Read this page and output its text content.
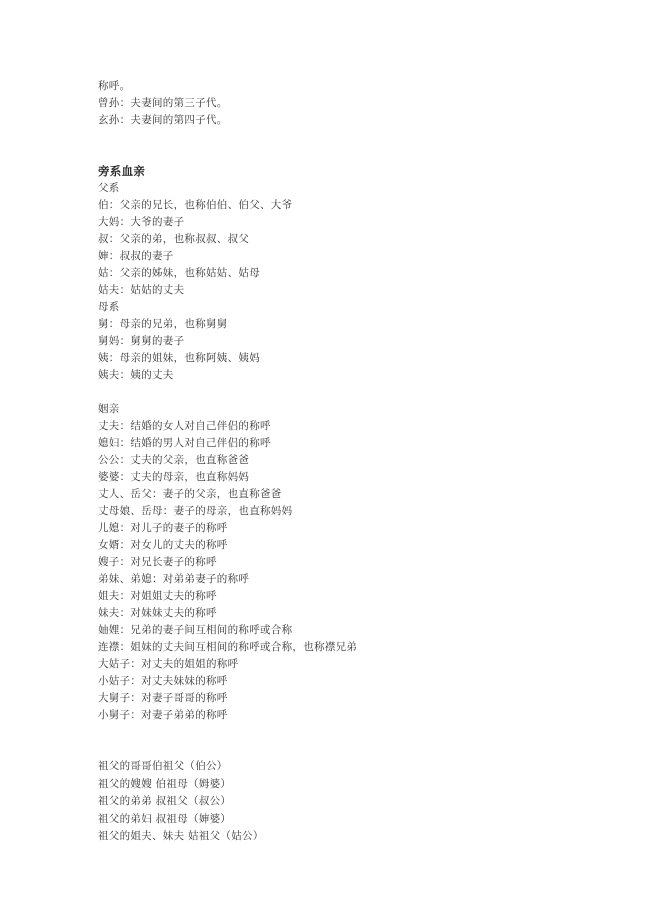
称呼。
曾孙：夫妻间的第三子代。
玄孙：夫妻间的第四子代。
旁系血亲
父系
伯：父亲的兄长，也称伯伯、伯父、大爷
大妈：大爷的妻子
叔：父亲的弟，也称叔叔、叔父
婶：叔叔的妻子
姑：父亲的姊妹，也称姑姑、姑母
姑夫：姑姑的丈夫
母系
舅：母亲的兄弟，也称舅舅
舅妈：舅舅的妻子
姨：母亲的姐妹，也称阿姨、姨妈
姨夫：姨的丈夫
姻亲
丈夫：结婚的女人对自己伴侣的称呼
媳妇：结婚的男人对自己伴侣的称呼
公公：丈夫的父亲，也直称爸爸
婆婆：丈夫的母亲，也直称妈妈
丈人、岳父：妻子的父亲，也直称爸爸
丈母娘、岳母：妻子的母亲，也直称妈妈
儿媳：对儿子的妻子的称呼
女婿：对女儿的丈夫的称呼
嫂子：对兄长妻子的称呼
弟妹、弟媳：对弟弟妻子的称呼
姐夫：对姐姐丈夫的称呼
妹夫：对妹妹丈夫的称呼
妯娌：兄弟的妻子间互相间的称呼或合称
连襟：姐妹的丈夫间互相间的称呼或合称，也称襟兄弟
大姑子：对丈夫的姐姐的称呼
小姑子：对丈夫妹妹的称呼
大舅子：对妻子哥哥的称呼
小舅子：对妻子弟弟的称呼
祖父的哥哥伯祖父（伯公）
祖父的嫂嫂 伯祖母（姆婆）
祖父的弟弟 叔祖父（叔公）
祖父的弟妇 叔祖母（婶婆）
祖父的姐夫、妹夫 姑祖父（姑公）
